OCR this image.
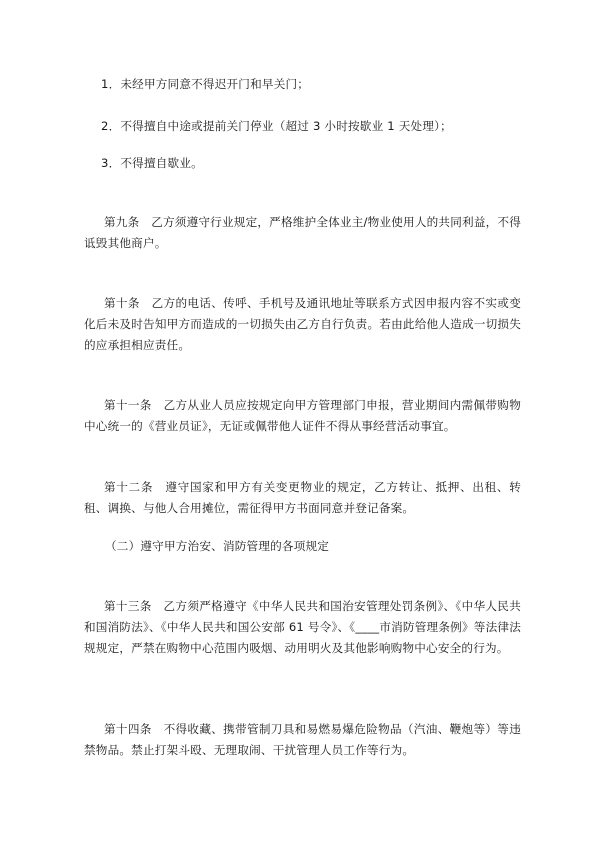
1．未经甲方同意不得迟开门和早关门；

2．不得擅自中途或提前关门停业（超过 3 小时按歇业 1 天处理）；

3．不得擅自歇业。

第九条　乙方须遵守行业规定，严格维护全体业主/物业使用人的共同利益，不得诋毁其他商户。

第十条　乙方的电话、传呼、手机号及通讯地址等联系方式因申报内容不实或变化后未及时告知甲方而造成的一切损失由乙方自行负责。若由此给他人造成一切损失的应承担相应责任。

第十一条　乙方从业人员应按规定向甲方管理部门申报，营业期间内需佩带购物中心统一的《营业员证》，无证或佩带他人证件不得从事经营活动事宜。

第十二条　遵守国家和甲方有关变更物业的规定，乙方转让、抵押、出租、转租、调换、与他人合用摊位，需征得甲方书面同意并登记备案。

（二）遵守甲方治安、消防管理的各项规定

第十三条　乙方须严格遵守《中华人民共和国治安管理处罚条例》、《中华人民共和国消防法》、《中华人民共和国公安部 61 号令》、《____市消防管理条例》等法律法规规定，严禁在购物中心范围内吸烟、动用明火及其他影响购物中心安全的行为。

第十四条　不得收藏、携带管制刀具和易燃易爆危险物品（汽油、鞭炮等）等违禁物品。禁止打架斗殴、无理取闹、干扰管理人员工作等行为。
